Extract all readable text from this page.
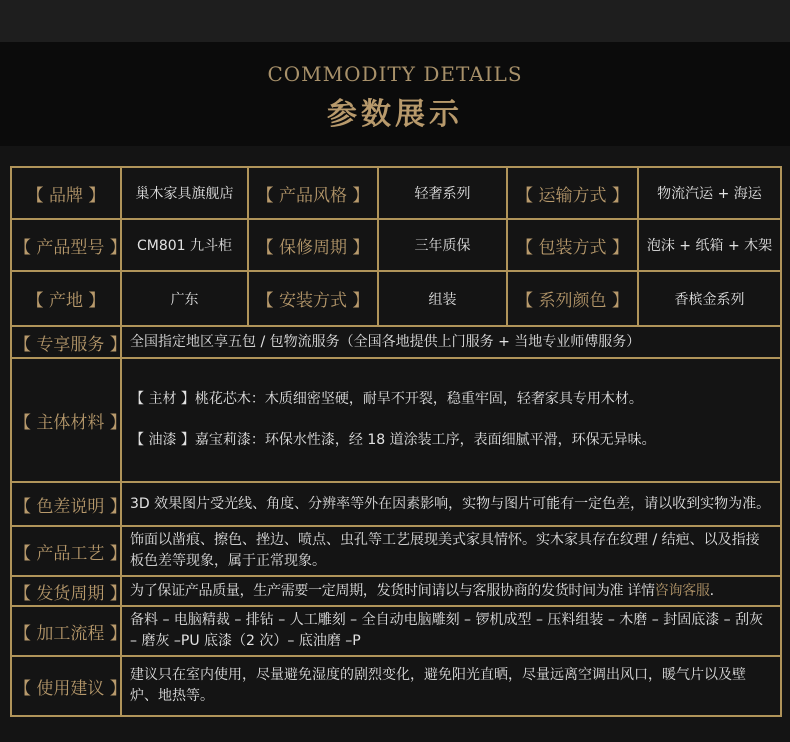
COMMODITY DETAILS
参数展示
【 品牌 】	巢木家具旗舰店	【 产品风格 】	轻奢系列	【 运输方式 】	物流汽运 + 海运
【 产品型号 】	CM801 九斗柜	【 保修周期 】	三年质保	【 包装方式 】	泡沫 + 纸箱 + 木架
【 产地 】	广东	【 安装方式 】	组装	【 系列颜色 】	香槟金系列
【 专享服务 】	全国指定地区享五包 / 包物流服务（全国各地提供上门服务 + 当地专业师傅服务）				
【 主体材料 】	【 主材 】桃花芯木：木质细密坚硬，耐旱不开裂，稳重牢固，轻奢家具专用木材。
【 油漆 】嘉宝莉漆：环保水性漆，经 18 道涂装工序，表面细腻平滑，环保无异味。				

【 色差说明 】	3D 效果图片受光线、角度、分辨率等外在因素影响，实物与图片可能有一定色差，请以收到实物为准。				
【 产品工艺 】	饰面以凿痕、擦色、挫边、喷点、虫孔等工艺展现美式家具情怀。实木家具存在纹理 / 结疤、以及指接板色差等现象，属于正常现象。				
【 发货周期 】	为了保证产品质量，生产需要一定周期，发货时间请以与客服协商的发货时间为准 详情咨询客服.				
【 加工流程 】	备料 – 电脑精裁 – 排钻 – 人工雕刻 – 全自动电脑雕刻 – 锣机成型 – 压料组装 – 木磨 – 封固底漆 – 刮灰 – 磨灰 –PU 底漆（2 次）– 底油磨 –P				
【 使用建议 】	建议只在室内使用，尽量避免湿度的剧烈变化，避免阳光直晒，尽量远离空调出风口，暖气片以及壁炉、地热等。				
